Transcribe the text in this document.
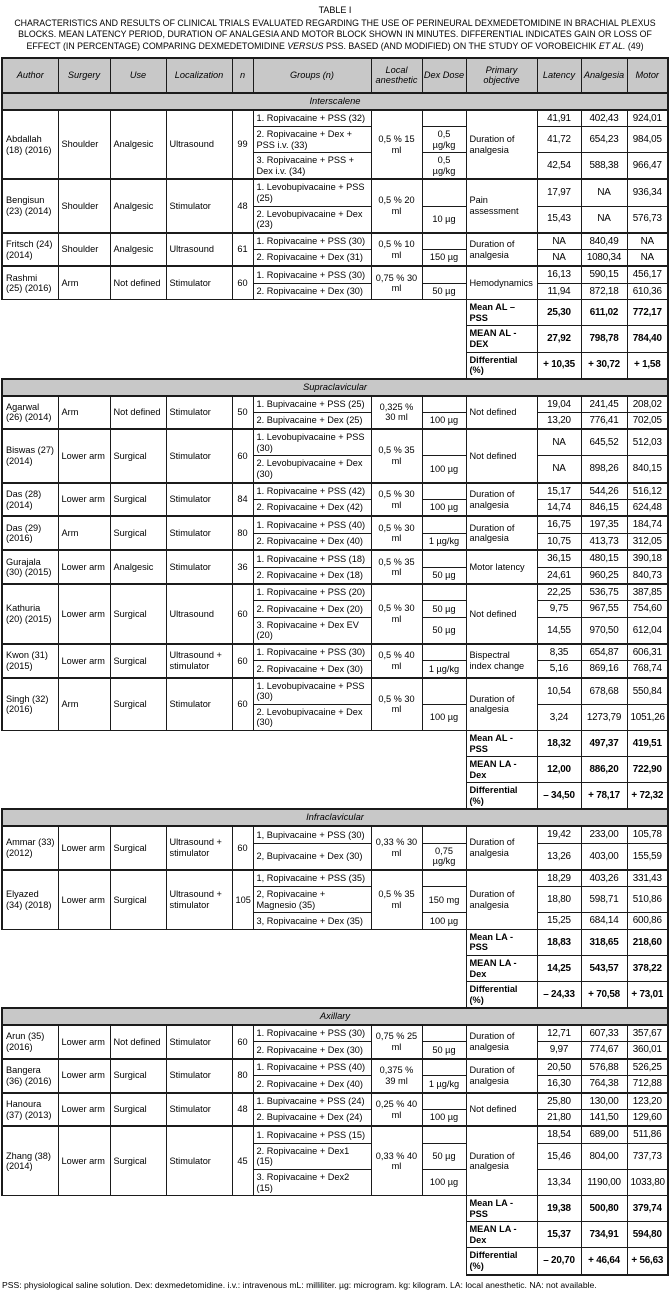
TABLE I
CHARACTERISTICS AND RESULTS OF CLINICAL TRIALS EVALUATED REGARDING THE USE OF PERINEURAL DEXMEDETOMIDINE IN BRACHIAL PLEXUS BLOCKS. MEAN LATENCY PERIOD, DURATION OF ANALGESIA AND MOTOR BLOCK SHOWN IN MINUTES. DIFFERENTIAL INDICATES GAIN OR LOSS OF EFFECT (IN PERCENTAGE) COMPARING DEXMEDETOMIDINE VERSUS PSS. BASED (AND MODIFIED) ON THE STUDY OF VOROBEICHIK ET AL. (49)
Author	Surgery	Use	Localization	n	Groups (n)	Local anesthetic	Dex Dose	Primary objective	Latency	Analgesia	Motor
Interscalene											
Abdallah (18) (2016)	Shoulder	Analgesic	Ultrasound	99	1. Ropivacaine + PSS (32)	0,5 % 15 ml		Duration of analgesia	41,91	402,43	924,01
					2. Ropivacaine + Dex + PSS i.v. (33)		0,5 µg/kg		41,72	654,23	984,05
					3. Ropivacaine + PSS + Dex i.v. (34)		0,5 µg/kg		42,54	588,38	966,47
Bengisun (23) (2014)	Shoulder	Analgesic	Stimulator	48	1. Levobupivacaine + PSS (25)	0,5 % 20 ml		Pain assessment	17,97	NA	936,34
					2. Levobupivacaine + Dex (23)		10 µg		15,43	NA	576,73
Fritsch (24) (2014)	Shoulder	Analgesic	Ultrasound	61	1. Ropivacaine + PSS (30)	0,5 % 10 ml		Duration of analgesia	NA	840,49	NA
					2. Ropivacaine + Dex (31)		150 µg		NA	1080,34	NA
Rashmi (25) (2016)	Arm	Not defined	Stimulator	60	1. Ropivacaine + PSS (30)	0,75 % 30 ml		Hemodynamics	16,13	590,15	456,17
					2. Ropivacaine + Dex (30)		50 µg		11,94	872,18	610,36
								Mean AL – PSS	25,30	611,02	772,17
								MEAN AL - DEX	27,92	798,78	784,40
								Differential (%)	+ 10,35	+ 30,72	+ 1,58
Supraclavicular											
Agarwal (26) (2014)	Arm	Not defined	Stimulator	50	1. Bupivacaine + PSS (25)	0,325 % 30 ml		Not defined	19,04	241,45	208,02
					2. Bupivacaine + Dex (25)		100 µg		13,20	776,41	702,05
Biswas (27) (2014)	Lower arm	Surgical	Stimulator	60	1. Levobupivacaine + PSS (30)	0,5 % 35 ml		Not defined	NA	645,52	512,03
					2. Levobupivacaine + Dex (30)		100 µg		NA	898,26	840,15
Das (28) (2014)	Lower arm	Surgical	Stimulator	84	1. Ropivacaine + PSS (42)	0,5 % 30 ml		Duration of analgesia	15,17	544,26	516,12
					2. Ropivacaine + Dex (42)		100 µg		14,74	846,15	624,48
Das (29) (2016)	Arm	Surgical	Stimulator	80	1. Ropivacaine + PSS (40)	0,5 % 30 ml		Duration of analgesia	16,75	197,35	184,74
					2. Ropivacaine + Dex (40)		1 µg/kg		10,75	413,73	312,05
Gurajala (30) (2015)	Lower arm	Analgesic	Stimulator	36	1. Ropivacaine + PSS (18)	0,5 % 35 ml		Motor latency	36,15	480,15	390,18
					2. Ropivacaine + Dex (18)		50 µg		24,61	960,25	840,73
Kathuria (20) (2015)	Lower arm	Surgical	Ultrasound	60	1. Ropivacaine + PSS (20)	0,5 % 30 ml		Not defined	22,25	536,75	387,85
					2. Ropivacaine + Dex (20)		50 µg		9,75	967,55	754,60
					3. Ropivacaine + Dex EV (20)		50 µg		14,55	970,50	612,04
Kwon (31) (2015)	Lower arm	Surgical	Ultrasound + stimulator	60	1. Ropivacaine + PSS (30)	0,5 % 40 ml		Bispectral index change	8,35	654,87	606,31
					2. Ropivacaine + Dex (30)		1 µg/kg		5,16	869,16	768,74
Singh (32) (2016)	Arm	Surgical	Stimulator	60	1. Levobupivacaine + PSS (30)	0,5 % 30 ml		Duration of analgesia	10,54	678,68	550,84
					2. Levobupivacaine + Dex (30)		100 µg		3,24	1273,79	1051,26
								Mean AL - PSS	18,32	497,37	419,51
								MEAN LA - Dex	12,00	886,20	722,90
								Differential (%)	– 34,50	+ 78,17	+ 72,32
Infraclavicular											
Ammar (33) (2012)	Lower arm	Surgical	Ultrasound + stimulator	60	1, Bupivacaine + PSS (30)	0,33 % 30 ml		Duration of analgesia	19,42	233,00	105,78
					2, Bupivacaine + Dex (30)		0,75 µg/kg		13,26	403,00	155,59
Elyazed (34) (2018)	Lower arm	Surgical	Ultrasound + stimulator	105	1, Ropivacaine + PSS (35)	0,5 % 35 ml		Duration of analgesia	18,29	403,26	331,43
					2, Ropivacaine + Magnesio (35)		150 mg		18,80	598,71	510,86
					3, Ropivacaine + Dex (35)		100 µg		15,25	684,14	600,86
								Mean LA - PSS	18,83	318,65	218,60
								MEAN LA - Dex	14,25	543,57	378,22
								Differential (%)	– 24,33	+ 70,58	+ 73,01
Axillary											
Arun (35) (2016)	Lower arm	Not defined	Stimulator	60	1. Ropivacaine + PSS (30)	0,75 % 25 ml		Duration of analgesia	12,71	607,33	357,67
					2. Ropivacaine + Dex (30)		50 µg		9,97	774,67	360,01
Bangera (36) (2016)	Lower arm	Surgical	Stimulator	80	1. Ropivacaine + PSS (40)	0,375 % 39 ml		Duration of analgesia	20,50	576,88	526,25
					2. Ropivacaine + Dex (40)		1 µg/kg		16,30	764,38	712,88
Hanoura (37) (2013)	Lower arm	Surgical	Stimulator	48	1. Bupivacaine + PSS (24)	0,25 % 40 ml		Not defined	25,80	130,00	123,20
					2. Bupivacaine + Dex (24)		100 µg		21,80	141,50	129,60
Zhang (38) (2014)	Lower arm	Surgical	Stimulator	45	1. Ropivacaine + PSS (15)	0,33 % 40 ml		Duration of analgesia	18,54	689,00	511,86
					2. Ropivacaine + Dex1 (15)		50 µg		15,46	804,00	737,73
					3. Ropivacaine + Dex2 (15)		100 µg		13,34	1190,00	1033,80
								Mean LA - PSS	19,38	500,80	379,74
								MEAN LA - Dex	15,37	734,91	594,80
								Differential (%)	– 20,70	+ 46,64	+ 56,63
PSS: physiological saline solution. Dex: dexmedetomidine. i.v.: intravenous mL: milliliter. µg: microgram. kg: kilogram. LA: local anesthetic. NA: not available.
